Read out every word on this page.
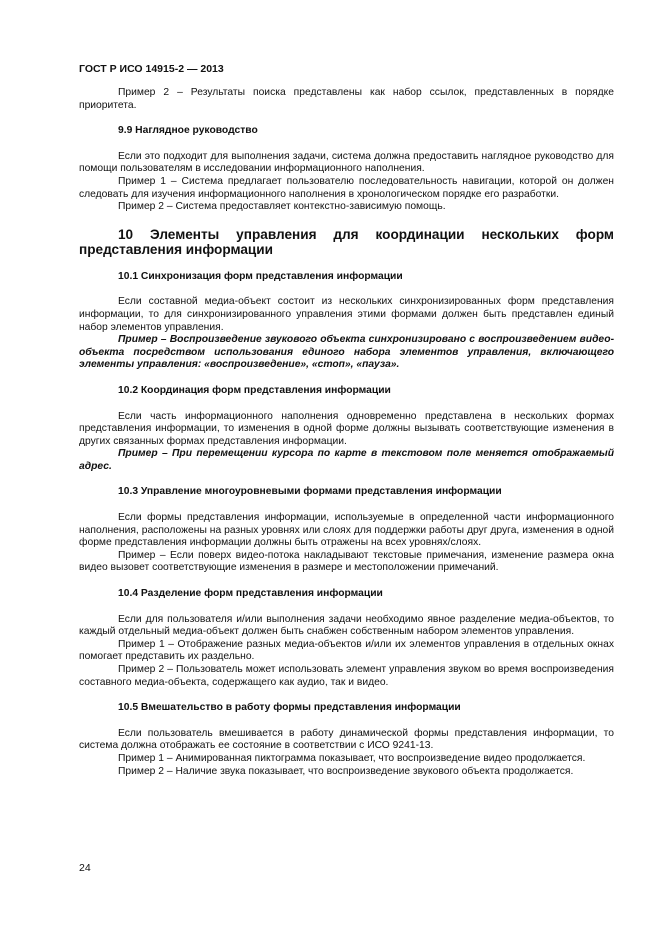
ГОСТ Р ИСО 14915-2 — 2013

Пример 2 – Результаты поиска представлены как набор ссылок, представленных в порядке приоритета.

9.9 Наглядное руководство

Если это подходит для выполнения задачи, система должна предоставить наглядное руководство для помощи пользователям в исследовании информационного наполнения.

Пример 1 – Система предлагает пользователю последовательность навигации, которой он должен следовать для изучения информационного наполнения в хронологическом порядке его разработки.

Пример 2 – Система предоставляет контекстно-зависимую помощь.

10 Элементы управления для координации нескольких форм представления информации
10.1 Синхронизация форм представления информации

Если составной медиа-объект состоит из нескольких синхронизированных форм представления информации, то для синхронизированного управления этими формами должен быть представлен единый набор элементов управления.

Пример – Воспроизведение звукового объекта синхронизировано с воспроизведением видео-объекта посредством использования единого набора элементов управления, включающего элементы управления: «воспроизведение», «стоп», «пауза».

10.2 Координация форм представления информации

Если часть информационного наполнения одновременно представлена в нескольких формах представления информации, то изменения в одной форме должны вызывать соответствующие изменения в других связанных формах представления информации.

Пример – При перемещении курсора по карте в текстовом поле меняется отображаемый адрес.

10.3 Управление многоуровневыми формами представления информации

Если формы представления информации, используемые в определенной части информационного наполнения, расположены на разных уровнях или слоях для поддержки работы друг друга, изменения в одной форме представления информации должны быть отражены на всех уровнях/слоях.

Пример – Если поверх видео-потока накладывают текстовые примечания, изменение размера окна видео вызовет соответствующие изменения в размере и местоположении примечаний.

10.4 Разделение форм представления информации

Если для пользователя и/или выполнения задачи необходимо явное разделение медиа-объектов, то каждый отдельный медиа-объект должен быть снабжен собственным набором элементов управления.

Пример 1 – Отображение разных медиа-объектов и/или их элементов управления в отдельных окнах помогает представить их раздельно.

Пример 2 – Пользователь может использовать элемент управления звуком во время воспроизведения составного медиа-объекта, содержащего как аудио, так и видео.

10.5 Вмешательство в работу формы представления информации

Если пользователь вмешивается в работу динамической формы представления информации, то система должна отображать ее состояние в соответствии с ИСО 9241-13.

Пример 1 – Анимированная пиктограмма показывает, что воспроизведение видео продолжается.

Пример 2 – Наличие звука показывает, что воспроизведение звукового объекта продолжается.

24
